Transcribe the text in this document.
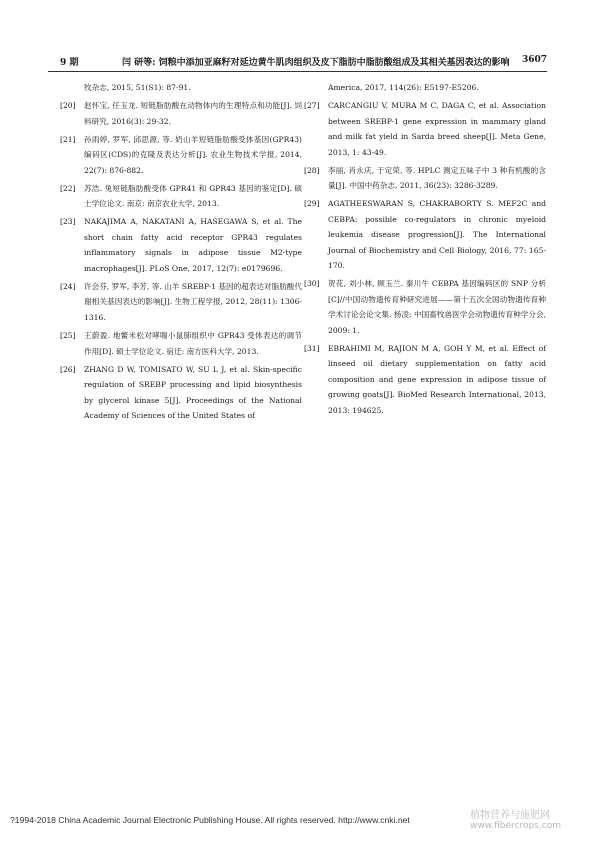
9 期	闫 研等: 饲粮中添加亚麻籽对延边黄牛肌肉组织及皮下脂肪中脂肪酸组成及其相关基因表达的影响 3607
牧杂志, 2015, 51(S1): 87-91.
[20] 赵怀宝, 任玉龙. 短链脂肪酸在动物体内的生理特点和功能[J]. 饲料研究, 2016(3): 29-32.
[21] 孙雨婷, 罗军, 邱思源, 等. 奶山羊短链脂肪酸受体基因(GPR43)编码区(CDS)的克隆及表达分析[J]. 农业生物技术学报, 2014, 22(7): 876-882.
[22] 苏浩. 兔短链脂肪酸受体 GPR41 和 GPR43 基因的鉴定[D]. 硕士学位论文. 南京: 南京农业大学, 2013.
[23] NAKAJIMA A, NAKATANI A, HASEGAWA S, et al. The short chain fatty acid receptor GPR43 regulates inflammatory signals in adipose tissue M2-type macrophages[J]. PLoS One, 2017, 12(7): e0179696.
[24] 许会芬, 罗军, 李芳, 等. 山羊 SREBP-1 基因的超表达对脂肪酸代谢相关基因表达的影响[J]. 生物工程学报, 2012, 28(11): 1306-1316.
[25] 王蔚盈. 地鳖米松对哮喘小鼠肺组织中 GPR43 受体表达的调节作用[D]. 硕士学位论文. 宿迁: 南方医科大学, 2013.
[26] ZHANG D W, TOMISATO W, SU L J, et al. Skin-specific regulation of SREBP processing and lipid biosynthesis by glycerol kinase 5[J]. Proceedings of the National Academy of Sciences of the United States of
America, 2017, 114(26): E5197-E5206.
[27] CARCANGIU V, MURA M C, DAGA C, et al. Association between SREBP-1 gene expression in mammary gland and milk fat yield in Sarda breed sheep[J]. Meta Gene, 2013, 1: 43-49.
[28] 李丽, 肖永庆, 于定荣, 等. HPLC 测定五味子中 3 种有机酸的含量[J]. 中国中药杂志, 2011, 36(23): 3286-3289.
[29] AGATHEESWARAN S, CHAKRABORTY S. MEF2C and CEBPA: possible co-regulators in chronic myeloid leukemia disease progression[J]. The International Journal of Biochemistry and Cell Biology, 2016, 77: 165-170.
[30] 贺花, 刘小林, 顾玉兰. 秦川牛 CEBPA 基因编码区的 SNP 分析[C]//中国动物遗传育种研究进展——第十五次全国动物遗传育种学术讨论会论文集. 杨凌: 中国畜牧兽医学会动物遗传育种学分会, 2009: 1.
[31] EBRAHIMI M, RAJION M A, GOH Y M, et al. Effect of linseed oil dietary supplementation on fatty acid composition and gene expression in adipose tissue of growing goats[J]. BioMed Research International, 2013, 2013: 194625.
?1994-2018 China Academic Journal Electronic Publishing House. All rights reserved. http://www.cnki.net	植物营养与施肥网
www.fibercrops.com
